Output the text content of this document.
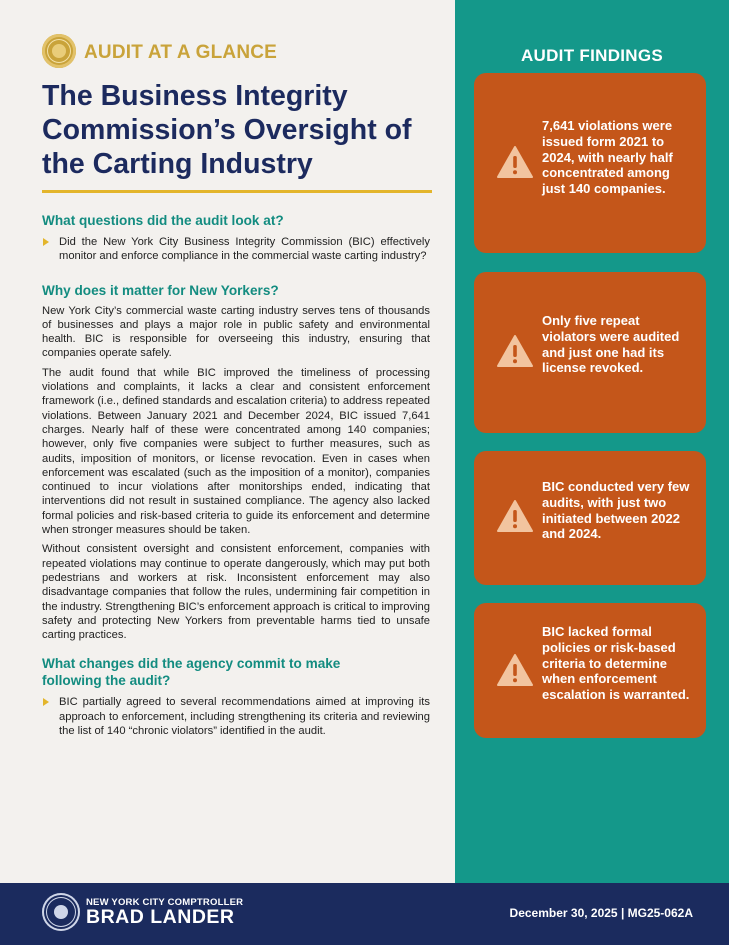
AUDIT AT A GLANCE
The Business Integrity Commission’s Oversight of the Carting Industry
What questions did the audit look at?

Did the New York City Business Integrity Commission (BIC) effectively monitor and enforce compliance in the commercial waste carting industry?

Why does it matter for New Yorkers?

New York City’s commercial waste carting industry serves tens of thousands of businesses and plays a major role in public safety and environmental health. BIC is responsible for overseeing this industry, ensuring that companies operate safely.

The audit found that while BIC improved the timeliness of processing violations and complaints, it lacks a clear and consistent enforcement framework (i.e., defined standards and escalation criteria) to address repeated violations. Between January 2021 and December 2024, BIC issued 7,641 charges. Nearly half of these were concentrated among 140 companies; however, only five companies were subject to further measures, such as audits, imposition of monitors, or license revocation. Even in cases when enforcement was escalated (such as the imposition of a monitor), companies continued to incur violations after monitorships ended, indicating that interventions did not result in sustained compliance. The agency also lacked formal policies and risk-based criteria to guide its enforcement and determine when stronger measures should be taken.

Without consistent oversight and consistent enforcement, companies with repeated violations may continue to operate dangerously, which may put both pedestrians and workers at risk. Inconsistent enforcement may also disadvantage companies that follow the rules, undermining fair competition in the industry. Strengthening BIC’s enforcement approach is critical to improving safety and protecting New Yorkers from preventable harms tied to unsafe carting practices.

What changes did the agency commit to make following the audit?

BIC partially agreed to several recommendations aimed at improving its approach to enforcement, including strengthening its criteria and reviewing the list of 140 “chronic violators” identified in the audit.

AUDIT FINDINGS
7,641 violations were issued form 2021 to 2024, with nearly half concentrated among just 140 companies.
Only five repeat violators were audited and just one had its license revoked.
BIC conducted very few audits, with just two initiated between 2022 and 2024.
BIC lacked formal policies or risk-based criteria to determine when enforcement escalation is warranted.
NEW YORK CITY COMPTROLLER
BRAD LANDER	December 30, 2025 | MG25-062A
